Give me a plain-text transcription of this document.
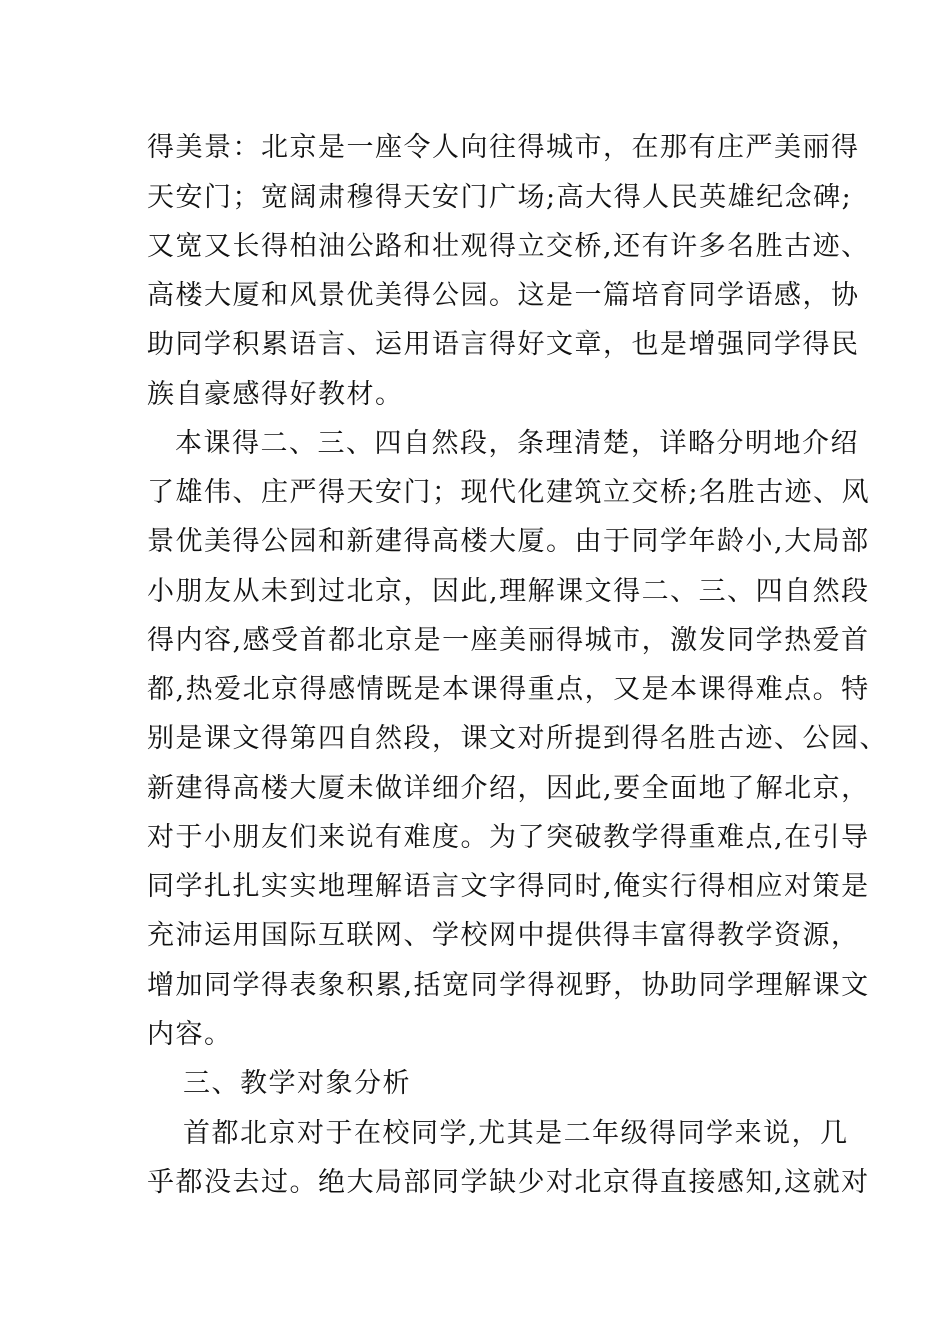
得美景：北京是一座令人向往得城市，在那有庄严美丽得
天安门；宽阔肃穆得天安门广场;高大得人民英雄纪念碑;
又宽又长得柏油公路和壮观得立交桥,还有许多名胜古迹、
高楼大厦和风景优美得公园。这是一篇培育同学语感，协
助同学积累语言、运用语言得好文章，也是增强同学得民
族自豪感得好教材。
本课得二、三、四自然段，条理清楚，详略分明地介绍
了雄伟、庄严得天安门；现代化建筑立交桥;名胜古迹、风
景优美得公园和新建得高楼大厦。由于同学年龄小,大局部
小朋友从未到过北京，因此,理解课文得二、三、四自然段
得内容,感受首都北京是一座美丽得城市，激发同学热爱首
都,热爱北京得感情既是本课得重点，又是本课得难点。特
别是课文得第四自然段，课文对所提到得名胜古迹、公园、
新建得高楼大厦未做详细介绍，因此,要全面地了解北京，
对于小朋友们来说有难度。为了突破教学得重难点,在引导
同学扎扎实实地理解语言文字得同时,俺实行得相应对策是
充沛运用国际互联网、学校网中提供得丰富得教学资源，
增加同学得表象积累,括宽同学得视野，协助同学理解课文
内容。
三、教学对象分析
首都北京对于在校同学,尤其是二年级得同学来说，几
乎都没去过。绝大局部同学缺少对北京得直接感知,这就对
